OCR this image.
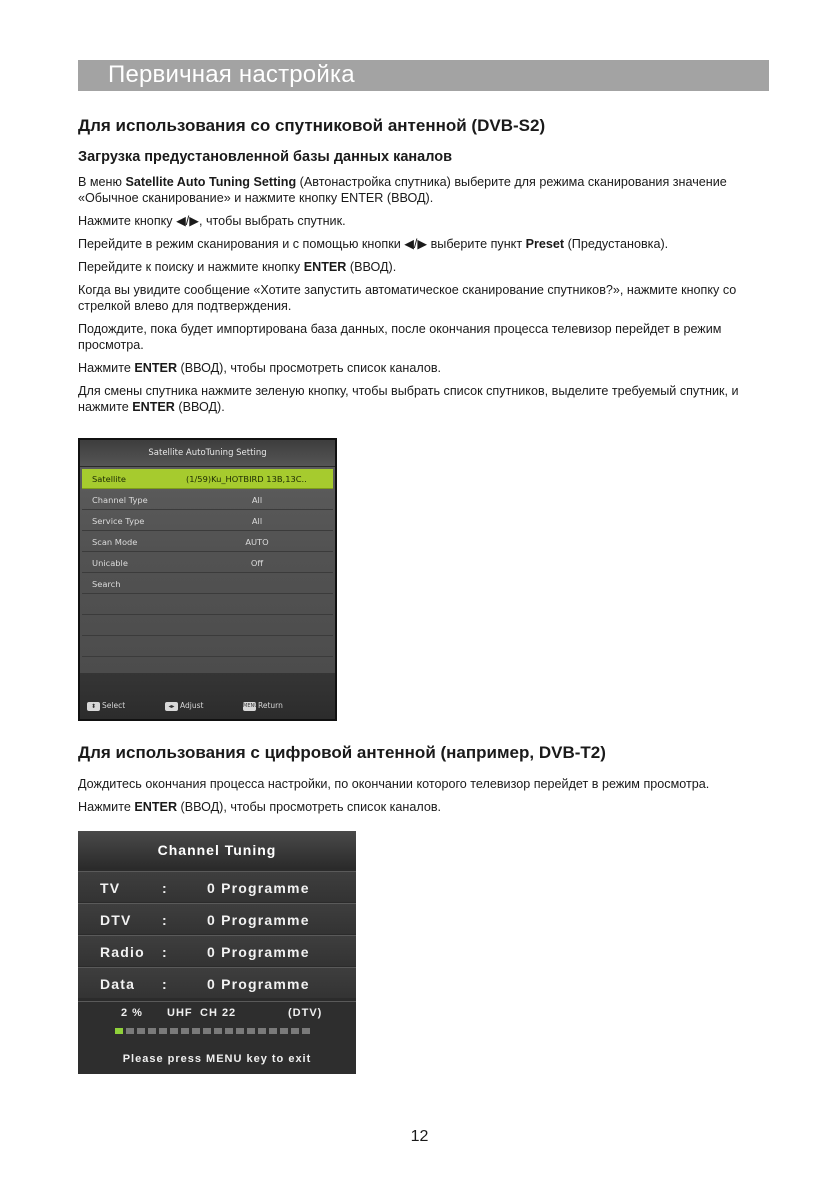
Первичная настройка
Для использования со спутниковой антенной (DVB-S2)
Загрузка предустановленной базы данных каналов
В меню Satellite Auto Tuning Setting (Автонастройка спутника) выберите для режима сканирования значение «Обычное сканирование» и нажмите кнопку ENTER (ВВОД).
Нажмите кнопку ◀/▶, чтобы выбрать спутник.
Перейдите в режим сканирования и с помощью кнопки ◀/▶ выберите пункт Preset (Предустановка).
Перейдите к поиску и нажмите кнопку ENTER (ВВОД).
Когда вы увидите сообщение «Хотите запустить автоматическое сканирование спутников?», нажмите кнопку со стрелкой влево для подтверждения.
Подождите, пока будет импортирована база данных, после окончания процесса телевизор перейдет в режим просмотра.
Нажмите ENTER (ВВОД), чтобы просмотреть список каналов.
Для смены спутника нажмите зеленую кнопку, чтобы выбрать список спутников, выделите требуемый спутник, и нажмите ENTER (ВВОД).
Satellite AutoTuning Setting
Satellite	(1/59)Ku_HOTBIRD 13B,13C..
Channel Type	All
Service Type	All
Scan Mode	AUTO
Unicable	Off
Search
⬍ Select	◂▸ Adjust	MENUReturn
Для использования с цифровой антенной (например, DVB-T2)
Дождитесь окончания процесса настройки, по окончании которого телевизор перейдет в режим просмотра.
Нажмите ENTER (ВВОД), чтобы просмотреть список каналов.
Channel Tuning
TV	:	0 Programme
DTV :	0 Programme
Radio :	0 Programme
Data :	0 Programme
2 % UHF CH 22	(DTV)
Please press MENU key to exit
12
